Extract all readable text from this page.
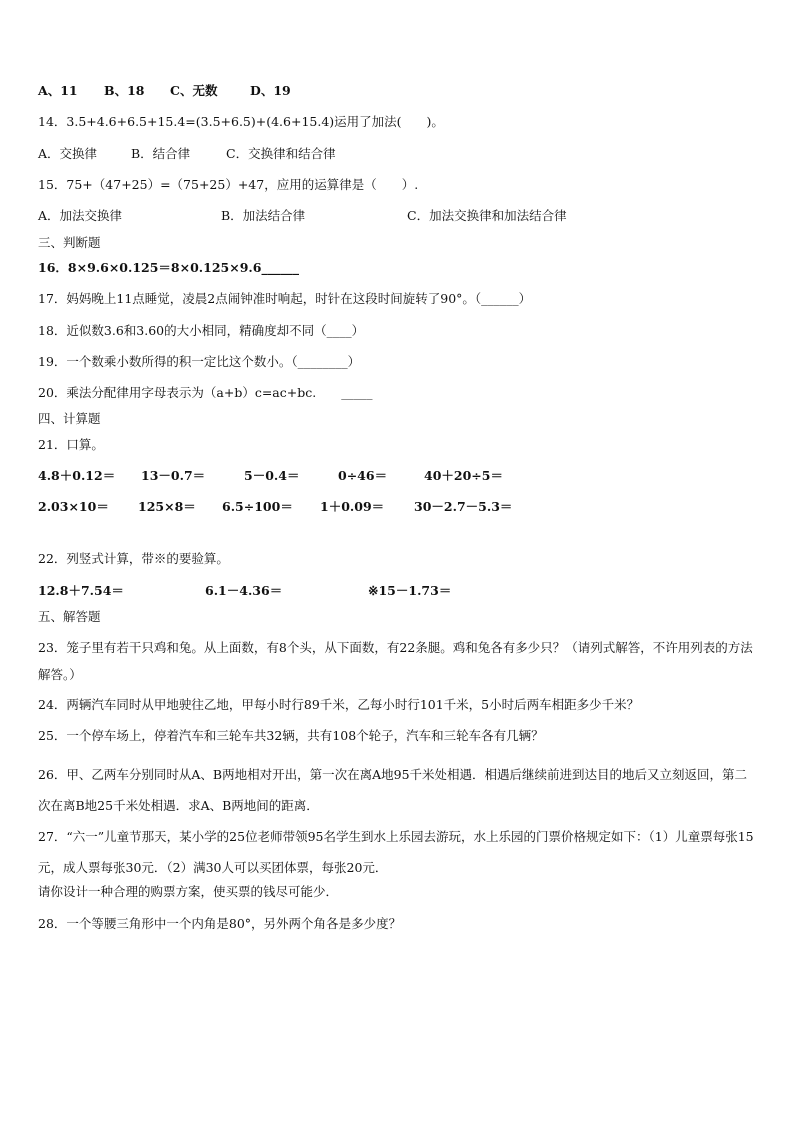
A、11 B、18 C、无数	D、19
14．3.5+4.6+6.5+15.4=(3.5+6.5)+(4.6+15.4)运用了加法(　　)。
A．交换律	B．结合律	C．交换律和结合律
15．75+（47+25）=（75+25）+47，应用的运算律是（　　）.
A．加法交换律	B．加法结合律	C．加法交换律和加法结合律
三、判断题
16．8×9.6×0.125＝8×0.125×9.6______
17．妈妈晚上11点睡觉，凌晨2点闹钟准时响起，时针在这段时间旋转了90°。（______）
18．近似数3.6和3.60的大小相同，精确度却不同（____）
19．一个数乘小数所得的积一定比这个数小。（________）
20．乘法分配律用字母表示为（a+b）c=ac+bc.　　_____
四、计算题
21．口算。
4.8＋0.12＝ 13－0.7＝	5－0.4＝	0÷46＝	40＋20÷5＝
2.03×10＝ 125×8＝ 6.5÷100＝ 1＋0.09＝ 30－2.7－5.3＝
22．列竖式计算，带※的要验算。
12.8＋7.54＝	6.1－4.36＝	※15－1.73＝
五、解答题
23．笼子里有若干只鸡和兔。从上面数，有8个头，从下面数，有22条腿。鸡和兔各有多少只？（请列式解答，不许用列表的方法解答。）
24．两辆汽车同时从甲地驶往乙地，甲每小时行89千米，乙每小时行101千米，5小时后两车相距多少千米？
25．一个停车场上，停着汽车和三轮车共32辆，共有108个轮子，汽车和三轮车各有几辆？
26．甲、乙两车分别同时从A、B两地相对开出，第一次在离A地95千米处相遇．相遇后继续前进到达目的地后又立刻返回，第二次在离B地25千米处相遇．求A、B两地间的距离．
27．“六一”儿童节那天，某小学的25位老师带领95名学生到水上乐园去游玩，水上乐园的门票价格规定如下：（1）儿童票每张15元，成人票每张30元．（2）满30人可以买团体票，每张20元．
请你设计一种合理的购票方案，使买票的钱尽可能少．
28．一个等腰三角形中一个内角是80°，另外两个角各是多少度？
